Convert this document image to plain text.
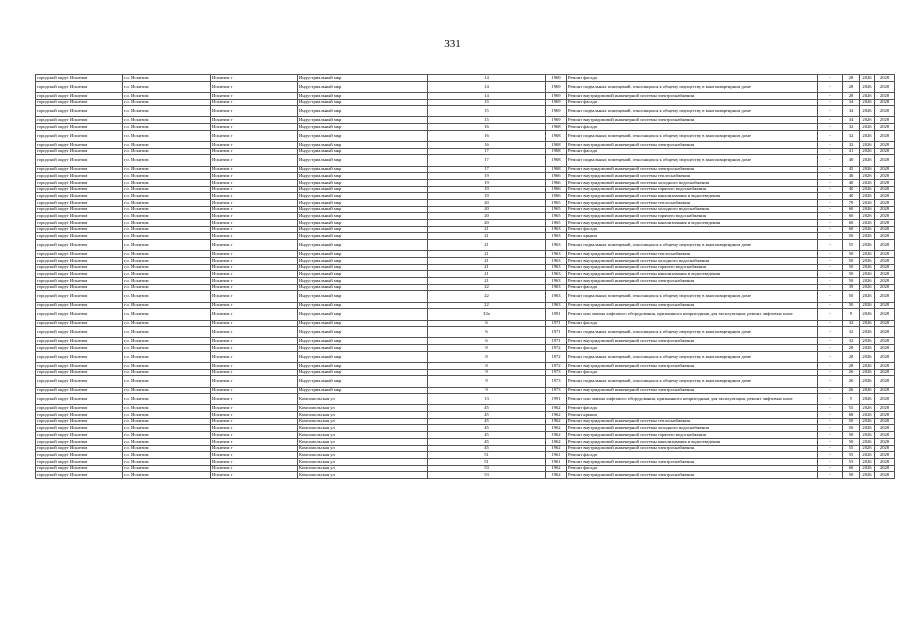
331
городской округ Искитим	г.о. Искитим	Искитим г	Индустриальный мкр	14	1969	Ремонт фасада	-	28	2026	2028
городской округ Искитим	г.о. Искитим	Искитим г	Индустриальный мкр	14	1969	Ремонт подвальных помещений, относящихся к общему имуществу в многоквартирном доме	-	28	2026	2028
городской округ Искитим	г.о. Искитим	Искитим г	Индустриальный мкр	14	1969	Ремонт внутридомовой инженерной системы электроснабжения	-	28	2026	2028
городской округ Искитим	г.о. Искитим	Искитим г	Индустриальный мкр	15	1969	Ремонт фасада	-	34	2026	2028
городской округ Искитим	г.о. Искитим	Искитим г	Индустриальный мкр	15	1969	Ремонт подвальных помещений, относящихся к общему имуществу в многоквартирном доме	-	34	2026	2028
городской округ Искитим	г.о. Искитим	Искитим г	Индустриальный мкр	15	1969	Ремонт внутридомовой инженерной системы электроснабжения	-	34	2026	2028
городской округ Искитим	г.о. Искитим	Искитим г	Индустриальный мкр	16	1968	Ремонт фасада	-	32	2026	2028
городской округ Искитим	г.о. Искитим	Искитим г	Индустриальный мкр	16	1968	Ремонт подвальных помещений, относящихся к общему имуществу в многоквартирном доме	-	32	2026	2028
городской округ Искитим	г.о. Искитим	Искитим г	Индустриальный мкр	16	1968	Ремонт внутридомовой инженерной системы электроснабжения	-	32	2026	2028
городской округ Искитим	г.о. Искитим	Искитим г	Индустриальный мкр	17	1968	Ремонт фасада	-	41	2026	2028
городской округ Искитим	г.о. Искитим	Искитим г	Индустриальный мкр	17	1968	Ремонт подвальных помещений, относящихся к общему имуществу в многоквартирном доме	-	40	2026	2028
городской округ Искитим	г.о. Искитим	Искитим г	Индустриальный мкр	17	1968	Ремонт внутридомовой инженерной системы электроснабжения	-	45	2026	2028
городской округ Искитим	г.о. Искитим	Искитим г	Индустриальный мкр	19	1966	Ремонт внутридомовой инженерной системы теплоснабжения	-	40	2026	2028
городской округ Искитим	г.о. Искитим	Искитим г	Индустриальный мкр	19	1966	Ремонт внутридомовой инженерной системы холодного водоснабжения	-	40	2026	2028
городской округ Искитим	г.о. Искитим	Искитим г	Индустриальный мкр	19	1966	Ремонт внутридомовой инженерной системы горячего водоснабжения	-	40	2026	2028
городской округ Искитим	г.о. Искитим	Искитим г	Индустриальный мкр	19	1966	Ремонт внутридомовой инженерной системы канализования и водоотведения	-	40	2026	2028
городской округ Искитим	г.о. Искитим	Искитим г	Индустриальный мкр	20	1965	Ремонт внутридомовой инженерной системы теплоснабжения	-	70	2026	2028
городской округ Искитим	г.о. Искитим	Искитим г	Индустриальный мкр	20	1965	Ремонт внутридомовой инженерной системы холодного водоснабжения	-	60	2026	2028
городской округ Искитим	г.о. Искитим	Искитим г	Индустриальный мкр	20	1965	Ремонт внутридомовой инженерной системы горячего водоснабжения	-	60	2026	2028
городской округ Искитим	г.о. Искитим	Искитим г	Индустриальный мкр	20	1965	Ремонт внутридомовой инженерной системы канализования и водоотведения	-	60	2026	2028
городской округ Искитим	г.о. Искитим	Искитим г	Индустриальный мкр	21	1963	Ремонт фасада	-	60	2026	2028
городской округ Искитим	г.о. Искитим	Искитим г	Индустриальный мкр	21	1963	Ремонт крыши	-	50	2026	2028
городской округ Искитим	г.о. Искитим	Искитим г	Индустриальный мкр	21	1963	Ремонт подвальных помещений, относящихся к общему имуществу в многоквартирном доме	-	55	2026	2028
городской округ Искитим	г.о. Искитим	Искитим г	Индустриальный мкр	21	1963	Ремонт внутридомовой инженерной системы теплоснабжения	-	50	2026	2028
городской округ Искитим	г.о. Искитим	Искитим г	Индустриальный мкр	21	1963	Ремонт внутридомовой инженерной системы холодного водоснабжения	-	50	2026	2028
городской округ Искитим	г.о. Искитим	Искитим г	Индустриальный мкр	21	1963	Ремонт внутридомовой инженерной системы горячего водоснабжения	-	50	2026	2028
городской округ Искитим	г.о. Искитим	Искитим г	Индустриальный мкр	21	1963	Ремонт внутридомовой инженерной системы канализования и водоотведения	-	50	2026	2028
городской округ Искитим	г.о. Искитим	Искитим г	Индустриальный мкр	21	1963	Ремонт внутридомовой инженерной системы электроснабжения	-	50	2026	2028
городской округ Искитим	г.о. Искитим	Искитим г	Индустриальный мкр	22	1963	Ремонт фасада	-	39	2026	2028
городской округ Искитим	г.о. Искитим	Искитим г	Индустриальный мкр	22	1963	Ремонт подвальных помещений, относящихся к общему имуществу в многоквартирном доме	-	50	2026	2028
городской округ Искитим	г.о. Искитим	Искитим г	Индустриальный мкр	22	1963	Ремонт внутридомовой инженерной системы электроснабжения	-	50	2026	2028
городской округ Искитим	г.о. Искитим	Искитим г	Индустриальный мкр	33а	1991	Ремонт или замена лифтового оборудования, признанного непригодным для эксплуатации, ремонт лифтовых шахт	-	9	2026	2028
городской округ Искитим	г.о. Искитим	Искитим г	Индустриальный мкр	6	1971	Ремонт фасада	-	32	2026	2028
городской округ Искитим	г.о. Искитим	Искитим г	Индустриальный мкр	6	1971	Ремонт подвальных помещений, относящихся к общему имуществу в многоквартирном доме	-	32	2026	2028
городской округ Искитим	г.о. Искитим	Искитим г	Индустриальный мкр	6	1971	Ремонт внутридомовой инженерной системы электроснабжения	-	32	2026	2028
городской округ Искитим	г.о. Искитим	Искитим г	Индустриальный мкр	8	1972	Ремонт фасада	-	28	2026	2028
городской округ Искитим	г.о. Искитим	Искитим г	Индустриальный мкр	8	1972	Ремонт подвальных помещений, относящихся к общему имуществу в многоквартирном доме	-	28	2026	2028
городской округ Искитим	г.о. Искитим	Искитим г	Индустриальный мкр	8	1972	Ремонт внутридомовой инженерной системы электроснабжения	-	28	2026	2028
городской округ Искитим	г.о. Искитим	Искитим г	Индустриальный мкр	9	1973	Ремонт фасада	-	26	2026	2028
городской округ Искитим	г.о. Искитим	Искитим г	Индустриальный мкр	9	1973	Ремонт подвальных помещений, относящихся к общему имуществу в многоквартирном доме	-	26	2026	2028
городской округ Искитим	г.о. Искитим	Искитим г	Индустриальный мкр	9	1973	Ремонт внутридомовой инженерной системы электроснабжения	-	26	2026	2028
городской округ Искитим	г.о. Искитим	Искитим г	Комсомольская ул	13	1991	Ремонт или замена лифтового оборудования, признанного непригодным для эксплуатации, ремонт лифтовых шахт	-	5	2026	2028
городской округ Искитим	г.о. Искитим	Искитим г	Комсомольская ул	45	1962	Ремонт фасада	-	55	2026	2028
городской округ Искитим	г.о. Искитим	Искитим г	Комсомольская ул	45	1962	Ремонт крыши	-	68	2026	2028
городской округ Искитим	г.о. Искитим	Искитим г	Комсомольская ул	45	1962	Ремонт внутридомовой инженерной системы теплоснабжения	-	50	2026	2028
городской округ Искитим	г.о. Искитим	Искитим г	Комсомольская ул	45	1962	Ремонт внутридомовой инженерной системы холодного водоснабжения	-	50	2026	2028
городской округ Искитим	г.о. Искитим	Искитим г	Комсомольская ул	45	1962	Ремонт внутридомовой инженерной системы горячего водоснабжения	-	50	2026	2028
городской округ Искитим	г.о. Искитим	Искитим г	Комсомольская ул	45	1962	Ремонт внутридомовой инженерной системы канализования и водоотведения	-	50	2026	2028
городской округ Искитим	г.о. Искитим	Искитим г	Комсомольская ул	45	1962	Ремонт внутридомовой инженерной системы электроснабжения	-	55	2026	2028
городской округ Искитим	г.о. Искитим	Искитим г	Комсомольская ул	51	1961	Ремонт фасада	-	55	2026	2028
городской округ Искитим	г.о. Искитим	Искитим г	Комсомольская ул	51	1961	Ремонт внутридомовой инженерной системы электроснабжения	-	55	2026	2028
городской округ Искитим	г.о. Искитим	Искитим г	Комсомольская ул	53	1962	Ремонт фасада	-	60	2026	2028
городской округ Искитим	г.о. Искитим	Искитим г	Комсомольская ул	53	1962	Ремонт внутридомовой инженерной системы электроснабжения	-	50	2026	2028
